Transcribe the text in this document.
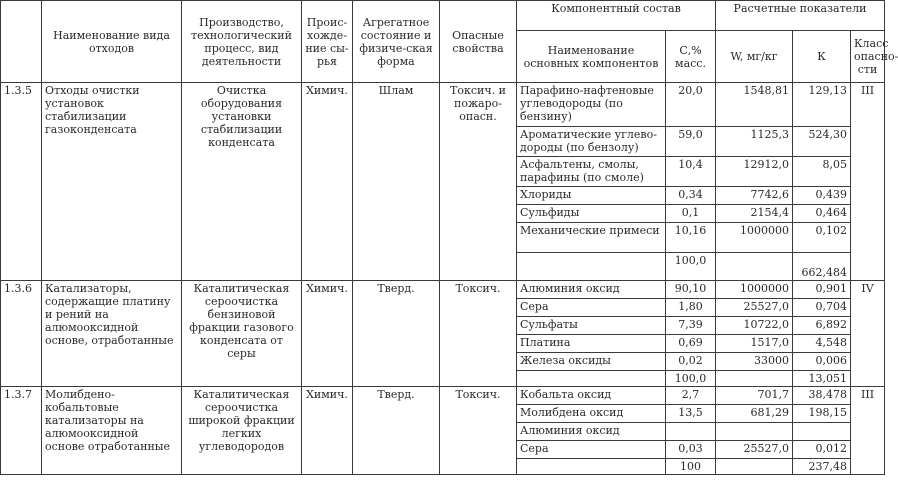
	Наименование вида отходов	Производство, технологический процесс, вид деятельности	Проис-хожде-ние сы-рья	Агрегатное состояние и физиче-ская форма	Опасные свойства	Компонентный состав		Расчетные показатели		
						Наименование основных компонентов	С,% масс.	W, мг/кг	К	Класс опасно-сти
1.3.5	Отходы очистки установок стабилизации газоконденсата	Очистка оборудования установки стабилизации конденсата	Химич.	Шлам	Токсич. и пожаро-опасн.	Парафино-нафтеновые углеводороды (по бензину)	20,0	1548,81	129,13	III
						Ароматические углево-дороды (по бензолу)	59,0	1125,3	524,30	
						Асфальтены, смолы, парафины (по смоле)	10,4	12912,0	8,05	
						Хлориды	0,34	7742,6	0,439	
						Сульфиды	0,1	2154,4	0,464	
						Механические примеси	10,16	1000000	0,102	
							100,0		662,484	
1.3.6	Катализаторы, содержащие платину и рений на алюмооксидной основе, отработанные	Каталитическая сероочистка бензиновой фракции газового конденсата от серы	Химич.	Тверд.	Токсич.	Алюминия оксид	90,10	1000000	0,901	IV
						Сера	1,80	25527,0	0,704	
						Сульфаты	7,39	10722,0	6,892	
						Платина	0,69	1517,0	4,548	
						Железа оксиды	0,02	33000	0,006	
							100,0		13,051	
1.3.7	Молибдено-кобальтовые катализаторы на алюмооксидной основе отработанные	Каталитическая сероочистка широкой фракции легких углеводородов	Химич.	Тверд.	Токсич.	Кобальта оксид	2,7	701,7	38,478	III
						Молибдена оксид	13,5	681,29	198,15	
						Алюминия оксид				
						Сера	0,03	25527,0	0,012	
							100		237,48	
